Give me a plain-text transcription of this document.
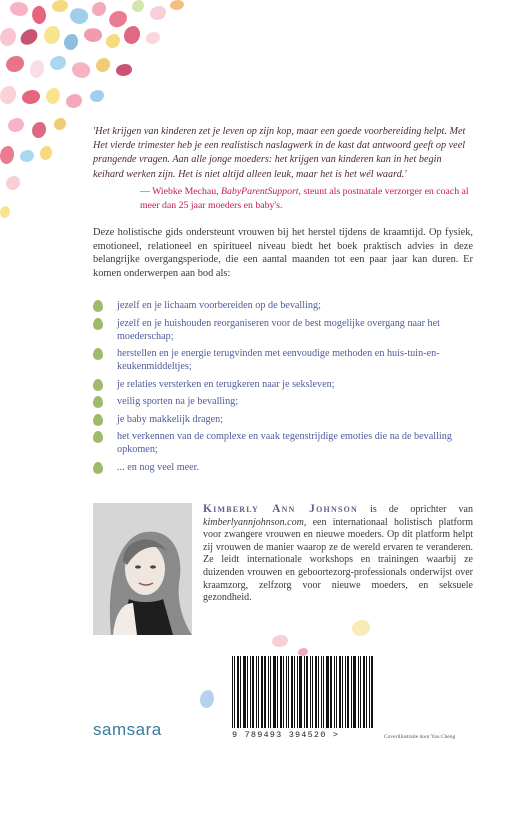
'Het krijgen van kinderen zet je leven op zijn kop, maar een goede voorbereiding helpt. Met Het vierde trimester heb je een realistisch naslagwerk in de kast dat antwoord geeft op veel prangende vragen. Aan alle jonge moeders: het krijgen van kinderen kan in het begin keihard werken zijn. Het is niet altijd alleen leuk, maar het is het wél waard.'

— Wiebke Mechau, BabyParentSupport, steunt als postnatale verzorger en coach al meer dan 25 jaar moeders en baby's.

Deze holistische gids ondersteunt vrouwen bij het herstel tijdens de kraamtijd. Op fysiek, emotioneel, relationeel en spiritueel niveau biedt het boek praktisch advies in deze belangrijke overgangsperiode, die een aantal maanden tot een paar jaar kan duren. Er komen onderwerpen aan bod als:

jezelf en je lichaam voorbereiden op de bevalling;
jezelf en je huishouden reorganiseren voor de best mogelijke overgang naar het moederschap;
herstellen en je energie terugvinden met eenvoudige methoden en huis-tuin-en-keukenmiddeltjes;
je relaties versterken en terugkeren naar je seksleven;
veilig sporten na je bevalling;
je baby makkelijk dragen;
het verkennen van de complexe en vaak tegenstrijdige emoties die na de bevalling opkomen;
... en nog veel meer.

Kimberly Ann Johnson is de oprichter van kimberlyannjohnson.com, een internationaal holistisch platform voor zwangere vrouwen en nieuwe moeders. Op dit platform helpt zij vrouwen de manier waarop ze de wereld ervaren te veranderen. Ze leidt internationale workshops en trainingen waarbij ze duizenden vrouwen en geboortezorg-professionals onderwijst over kraamzorg, zelfzorg voor nieuwe moeders, en seksuele gezondheid.

9 789493 394520 >

samsara	Coverillustratie door Yao Cheng
